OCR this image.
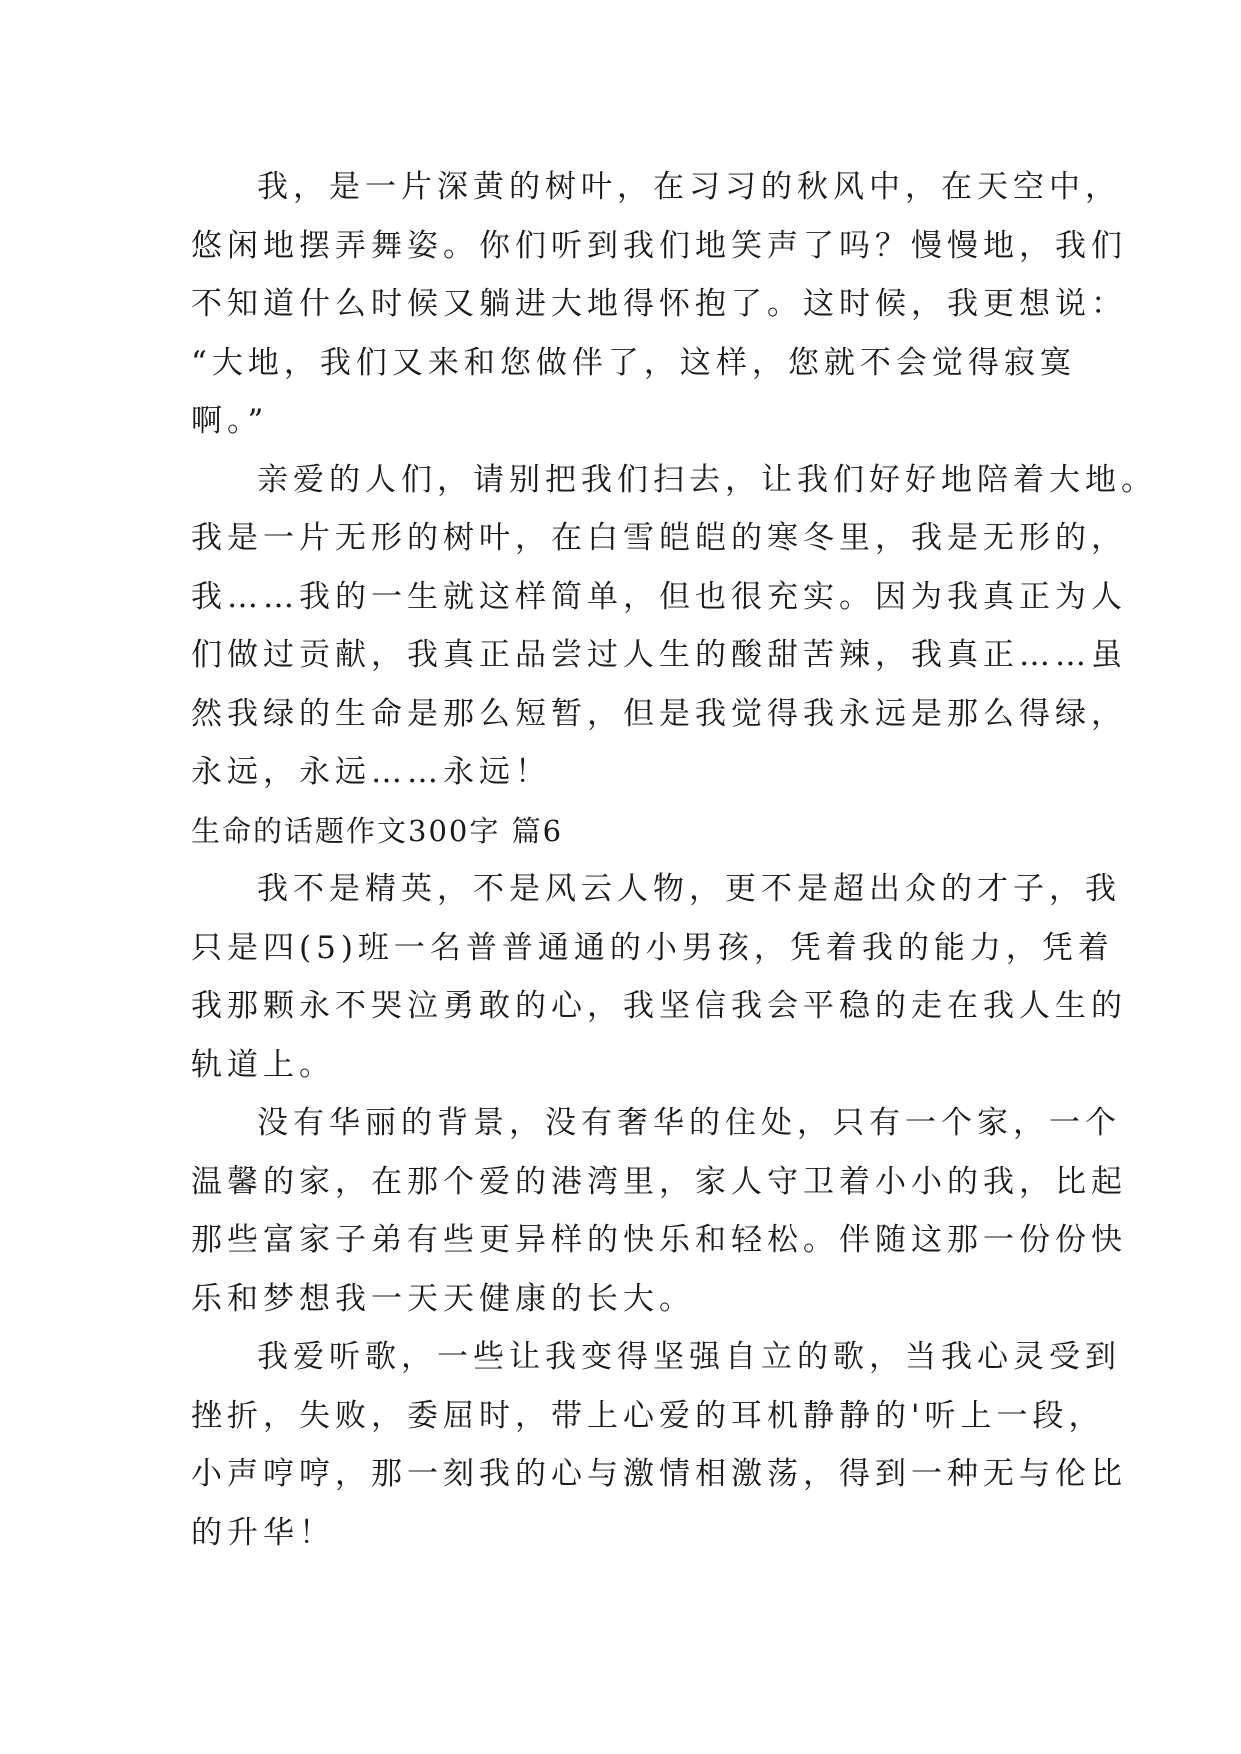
我，是一片深黄的树叶，在习习的秋风中，在天空中，
悠闲地摆弄舞姿。你们听到我们地笑声了吗？慢慢地，我们
不知道什么时候又躺进大地得怀抱了。这时候，我更想说：
“大地，我们又来和您做伴了，这样，您就不会觉得寂寞
啊。”
亲爱的人们，请别把我们扫去，让我们好好地陪着大地。
我是一片无形的树叶，在白雪皑皑的寒冬里，我是无形的，
我……我的一生就这样简单，但也很充实。因为我真正为人
们做过贡献，我真正品尝过人生的酸甜苦辣，我真正……虽
然我绿的生命是那么短暂，但是我觉得我永远是那么得绿，
永远，永远……永远！
生命的话题作文300字 篇6
我不是精英，不是风云人物，更不是超出众的才子，我
只是四(5)班一名普普通通的小男孩，凭着我的能力，凭着
我那颗永不哭泣勇敢的心，我坚信我会平稳的走在我人生的
轨道上。
没有华丽的背景，没有奢华的住处，只有一个家，一个
温馨的家，在那个爱的港湾里，家人守卫着小小的我，比起
那些富家子弟有些更异样的快乐和轻松。伴随这那一份份快
乐和梦想我一天天健康的长大。
我爱听歌，一些让我变得坚强自立的歌，当我心灵受到
挫折，失败，委屈时，带上心爱的耳机静静的'听上一段，
小声哼哼，那一刻我的心与激情相激荡，得到一种无与伦比
的升华！
